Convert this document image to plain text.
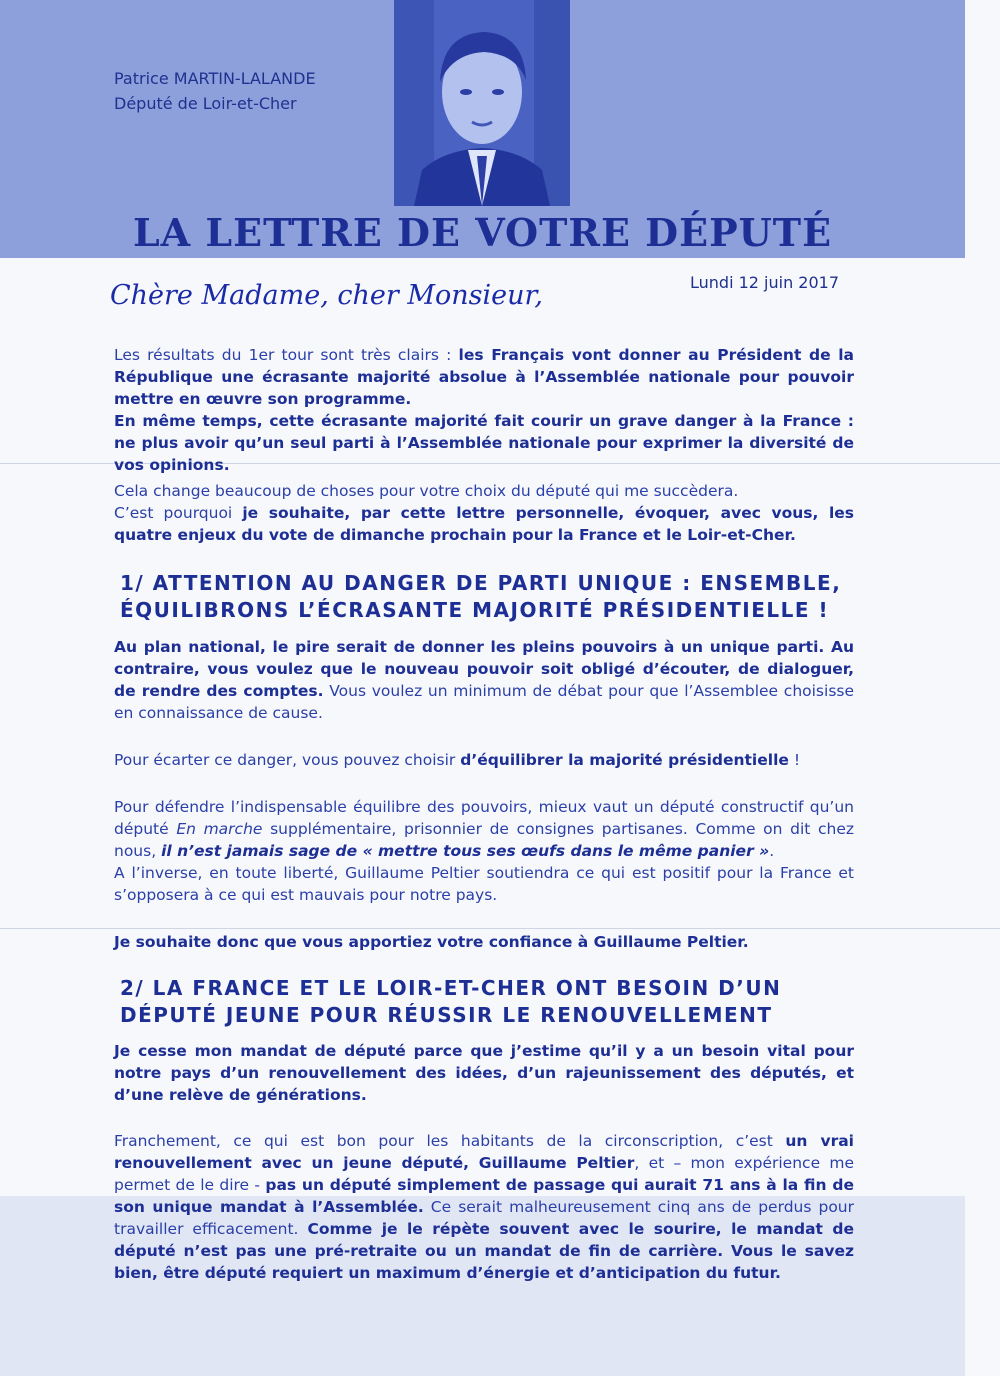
Patrice MARTIN-LALANDE
Député de Loir-et-Cher
LA LETTRE DE VOTRE DÉPUTÉ
Lundi 12 juin 2017
Chère Madame, cher Monsieur,

Les résultats du 1er tour sont très clairs : les Français vont donner au Président de la République une écrasante majorité absolue à l’Assemblée nationale pour pouvoir mettre en œuvre son programme.
En même temps, cette écrasante majorité fait courir un grave danger à la France : ne plus avoir qu’un seul parti à l’Assemblée nationale pour exprimer la diversité de vos opinions.

Cela change beaucoup de choses pour votre choix du député qui me succèdera.
C’est pourquoi je souhaite, par cette lettre personnelle, évoquer, avec vous, les quatre enjeux du vote de dimanche prochain pour la France et le Loir-et-Cher.

1/ ATTENTION AU DANGER DE PARTI UNIQUE : ENSEMBLE, ÉQUILIBRONS L’ÉCRASANTE MAJORITÉ PRÉSIDENTIELLE !

Au plan national, le pire serait de donner les pleins pouvoirs à un unique parti. Au contraire, vous voulez que le nouveau pouvoir soit obligé d’écouter, de dialoguer, de rendre des comptes. Vous voulez un minimum de débat pour que l’Assemblee choisisse en connaissance de cause.

Pour écarter ce danger, vous pouvez choisir d’équilibrer la majorité présidentielle !

Pour défendre l’indispensable équilibre des pouvoirs, mieux vaut un député constructif qu’un député En marche supplémentaire, prisonnier de consignes partisanes. Comme on dit chez nous, il n’est jamais sage de « mettre tous ses œufs dans le même panier ».
A l’inverse, en toute liberté, Guillaume Peltier soutiendra ce qui est positif pour la France et s’opposera à ce qui est mauvais pour notre pays.

Je souhaite donc que vous apportiez votre confiance à Guillaume Peltier.

2/ LA FRANCE ET LE LOIR-ET-CHER ONT BESOIN D’UN DÉPUTÉ JEUNE POUR RÉUSSIR LE RENOUVELLEMENT

Je cesse mon mandat de député parce que j’estime qu’il y a un besoin vital pour notre pays d’un renouvellement des idées, d’un rajeunissement des députés, et d’une relève de générations.

Franchement, ce qui est bon pour les habitants de la circonscription, c’est un vrai renouvellement avec un jeune député, Guillaume Peltier, et – mon expérience me permet de le dire - pas un député simplement de passage qui aurait 71 ans à la fin de son unique mandat à l’Assemblée. Ce serait malheureusement cinq ans de perdus pour travailler efficacement. Comme je le répète souvent avec le sourire, le mandat de député n’est pas une pré-retraite ou un mandat de fin de carrière. Vous le savez bien, être député requiert un maximum d’énergie et d’anticipation du futur.
